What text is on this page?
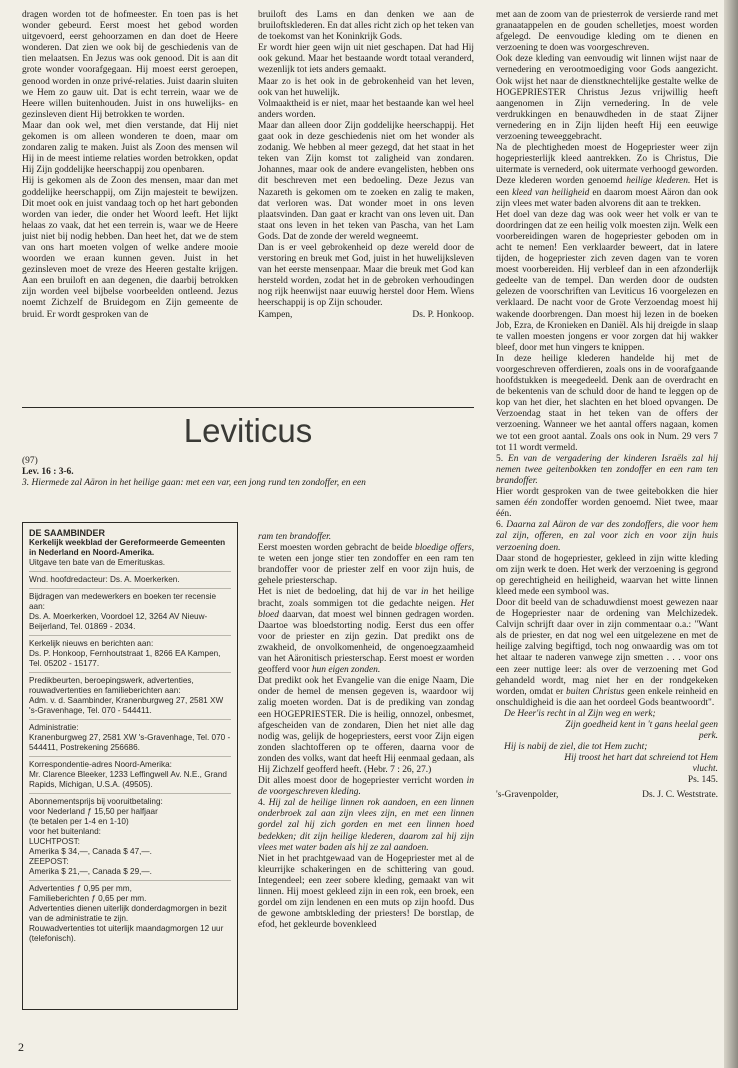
dragen worden tot de hofmeester. En toen pas is het wonder gebeurd. Eerst moest het gebod worden uitgevoerd, eerst gehoorzamen en dan doet de Heere wonderen. Dat zien we ook bij de geschiedenis van de tien melaatsen. En Jezus was ook genood. Dit is aan dit grote wonder voorafgegaan. Hij moest eerst geroepen, genood worden in onze privé-relaties. Juist daarin sluiten we Hem zo gauw uit. Dat is echt terrein, waar we de Heere willen buitenhouden. Juist in ons huwelijks- en gezinsleven dient Hij betrokken te worden.

Maar dan ook wel, met dien verstande, dat Hij niet gekomen is om alleen wonderen te doen, maar om zondaren zalig te maken. Juist als Zoon des mensen wil Hij in de meest intieme relaties worden betrokken, opdat Hij Zijn goddelijke heerschappij zou openbaren.

Hij is gekomen als de Zoon des mensen, maar dan met goddelijke heerschappij, om Zijn majesteit te bewijzen. Dit moet ook en juist vandaag toch op het hart gebonden worden van ieder, die onder het Woord leeft. Het lijkt helaas zo vaak, dat het een terrein is, waar we de Heere juist niet bij nodig hebben. Dan heet het, dat we de stem van ons hart moeten volgen of welke andere mooie woorden we eraan kunnen geven. Juist in het gezinsleven moet de vreze des Heeren gestalte krijgen. Aan een bruiloft en aan degenen, die daarbij betrokken zijn worden veel bijbelse voorbeelden ontleend. Jezus noemt Zichzelf de Bruidegom en Zijn gemeente de bruid. Er wordt gesproken van de

bruiloft des Lams en dan denken we aan de bruiloftsklederen. En dat alles richt zich op het teken van de toekomst van het Koninkrijk Gods.

Er wordt hier geen wijn uit niet geschapen. Dat had Hij ook gekund. Maar het bestaande wordt totaal veranderd, wezenlijk tot iets anders gemaakt.

Maar zo is het ook in de gebrokenheid van het leven, ook van het huwelijk.

Volmaaktheid is er niet, maar het bestaande kan wel heel anders worden.

Maar dan alleen door Zijn goddelijke heerschappij. Het gaat ook in deze geschiedenis niet om het wonder als zodanig. We hebben al meer gezegd, dat het staat in het teken van Zijn komst tot zaligheid van zondaren. Johannes, maar ook de andere evangelisten, hebben ons dit beschreven met een bedoeling. Deze Jezus van Nazareth is gekomen om te zoeken en zalig te maken, dat verloren was. Dat wonder moet in ons leven plaatsvinden. Dan gaat er kracht van ons leven uit. Dan staat ons leven in het teken van Pascha, van het Lam Gods. Dat de zonde der wereld wegneemt.

Dan is er veel gebrokenheid op deze wereld door de verstoring en breuk met God, juist in het huwelijksleven van het eerste mensenpaar. Maar die breuk met God kan hersteld worden, zodat het in de gebroken verhoudingen nog rijk heenwijst naar euuwig herstel door Hem. Wiens heerschappij is op Zijn schouder.

Kampen,	Ds. P. Honkoop.
Leviticus
(97)
Lev. 16 : 3-6.
3. Hiermede zal Aäron in het heilige gaan: met een var, een jong rund ten zondoffer, en een
DE SAAMBINDER
Kerkelijk weekblad der Gereformeerde Gemeenten in Nederland en Noord-Amerika.
Uitgave ten bate van de Emerituskas.
Wnd. hoofdredacteur: Ds. A. Moerkerken.
Bijdragen van medewerkers en boeken ter recensie aan:
Ds. A. Moerkerken, Voordoel 12, 3264 AV Nieuw-Beijerland, Tel. 01869 - 2034.
Kerkelijk nieuws en berichten aan:
Ds. P. Honkoop, Fernhoutstraat 1, 8266 EA Kampen, Tel. 05202 - 15177.
Predikbeurten, beroepingswerk, advertenties, rouwadvertenties en familieberichten aan:
Adm. v. d. Saambinder, Kranenburgweg 27, 2581 XW 's-Gravenhage, Tel. 070 - 544411.
Administratie:
Kranenburgweg 27, 2581 XW 's-Gravenhage, Tel. 070 - 544411, Postrekening 256686.
Korrespondentie-adres Noord-Amerika:
Mr. Clarence Bleeker, 1233 Leffingwell Av. N.E., Grand Rapids, Michigan, U.S.A. (49505).
Abonnementsprijs bij vooruitbetaling:
voor Nederland ƒ 15,50 per halfjaar
(te betalen per 1-4 en 1-10)
voor het buitenland:
LUCHTPOST:
Amerika $ 34,—, Canada $ 47,—.
ZEEPOST:
Amerika $ 21,—, Canada $ 29,—.
Advertenties ƒ 0,95 per mm,
Familieberichten ƒ 0,65 per mm.
Advertenties dienen uiterlijk donderdagmorgen in bezit van de administratie te zijn.
Rouwadvertenties tot uiterlijk maandagmorgen 12 uur (telefonisch).

ram ten brandoffer.

Eerst moesten worden gebracht de beide bloedige offers, te weten een jonge stier ten zondoffer en een ram ten brandoffer voor de priester zelf en voor zijn huis, de gehele priesterschap.

Het is niet de bedoeling, dat hij de var in het heilige bracht, zoals sommigen tot die gedachte neigen. Het bloed daarvan, dat moest wel binnen gedragen worden. Daartoe was bloedstorting nodig. Eerst dus een offer voor de priester en zijn gezin. Dat predikt ons de zwakheid, de onvolkomenheid, de ongenoegzaamheid van het Aäronitisch priesterschap. Eerst moest er worden geofferd voor hun eigen zonden.

Dat predikt ook het Evangelie van die enige Naam, Die onder de hemel de mensen gegeven is, waardoor wij zalig moeten worden. Dat is de prediking van zondag een HOGEPRIESTER. Die is heilig, onnozel, onbesmet, afgescheiden van de zondaren, Dien het niet alle dag nodig was, gelijk de hogepriesters, eerst voor Zijn eigen zonden slachtofferen op te offeren, daarna voor de zonden des volks, want dat heeft Hij eenmaal gedaan, als Hij Zichzelf geofferd heeft. (Hebr. 7 : 26, 27.)

Dit alles moest door de hogepriester verricht worden in de voorgeschreven kleding.

4. Hij zal de heilige linnen rok aandoen, en een linnen onderbroek zal aan zijn vlees zijn, en met een linnen gordel zal hij zich gorden en met een linnen hoed bedekken; dit zijn heilige klederen, daarom zal hij zijn vlees met water baden als hij ze zal aandoen.

Niet in het prachtgewaad van de Hogepriester met al de kleurrijke schakeringen en de schittering van goud. Integendeel; een zeer sobere kleding, gemaakt van wit linnen. Hij moest gekleed zijn in een rok, een broek, een gordel om zijn lendenen en een muts op zijn hoofd. Dus de gewone ambtskleding der priesters! De borstlap, de efod, het gekleurde bovenkleed

met aan de zoom van de priesterrok de versierde rand met granaatappelen en de gouden schelletjes, moest worden afgelegd. De eenvoudige kleding om te dienen en verzoening te doen was voorgeschreven.

Ook deze kleding van eenvoudig wit linnen wijst naar de vernedering en verootmoediging voor Gods aangezicht. Ook wijst het naar de dienstknechtelijke gestalte welke de HOGEPRIESTER Christus Jezus vrijwillig heeft aangenomen in Zijn vernedering. In de vele verdrukkingen en benauwdheden in de staat Zijner vernedering en in Zijn lijden heeft Hij een eeuwige verzoening teweeggebracht.

Na de plechtigheden moest de Hogepriester weer zijn hogepriesterlijk kleed aantrekken. Zo is Christus, Die uitermate is vernederd, ook uitermate verhoogd geworden. Deze klederen worden genoemd heilige klederen. Het is een kleed van heiligheid en daarom moest Aäron dan ook zijn vlees met water baden alvorens dit aan te trekken.

Het doel van deze dag was ook weer het volk er van te doordringen dat ze een heilig volk moesten zijn. Welk een voorbereidingen waren de hogepriester geboden om in acht te nemen! Een verklaarder beweert, dat in latere tijden, de hogepriester zich zeven dagen van te voren moest voorbereiden. Hij verbleef dan in een afzonderlijk gedeelte van de tempel. Dan werden door de oudsten gelezen de voorschriften van Leviticus 16 voorgelezen en verklaard. De nacht voor de Grote Verzoendag moest hij wakende doorbrengen. Dan moest hij lezen in de boeken Job, Ezra, de Kronieken en Daniël. Als hij dreigde in slaap te vallen moesten jongens er voor zorgen dat hij wakker bleef, door met hun vingers te knippen.

In deze heilige klederen handelde hij met de voorgeschreven offerdieren, zoals ons in de voorafgaande hoofdstukken is meegedeeld. Denk aan de overdracht en de bekentenis van de schuld door de hand te leggen op de kop van het dier, het slachten en het bloed opvangen. De Verzoendag staat in het teken van de offers der verzoening. Wanneer we het aantal offers nagaan, komen we tot een groot aantal. Zoals ons ook in Num. 29 vers 7 tot 11 wordt vermeld.

5. En van de vergadering der kinderen Israëls zal hij nemen twee geitenbokken ten zondoffer en een ram ten brandoffer.

Hier wordt gesproken van de twee geitebokken die hier samen één zondoffer worden genoemd. Niet twee, maar één.

6. Daarna zal Aäron de var des zondoffers, die voor hem zal zijn, offeren, en zal voor zich en voor zijn huis verzoening doen.

Daar stond de hogepriester, gekleed in zijn witte kleding om zijn werk te doen. Het werk der verzoening is gegrond op gerechtigheid en heiligheid, waarvan het witte linnen kleed mede een symbool was.

Door dit beeld van de schaduwdienst moest gewezen naar de Hogepriester naar de ordening van Melchizedek. Calvijn schrijft daar over in zijn commentaar o.a.: "Want als de priester, en dat nog wel een uitgelezene en met de heilige zalving begiftigd, toch nog onwaardig was om tot het altaar te naderen vanwege zijn smetten . . . voor ons een zeer nuttige leer: als over de verzoening met God gehandeld wordt, mag niet her en der rondgekeken worden, omdat er buiten Christus geen enkele reinheid en onschuldigheid is die aan het oordeel Gods beantwoordt".

De Heer'is recht in al Zijn weg en werk;
Zijn goedheid kent in 't gans heelal geen
perk.
Hij is nabij de ziel, die tot Hem zucht;
Hij troost het hart dat schreiend tot Hem
vlucht.
Ps. 145.
's-Gravenpolder,	Ds. J. C. Weststrate.
2
